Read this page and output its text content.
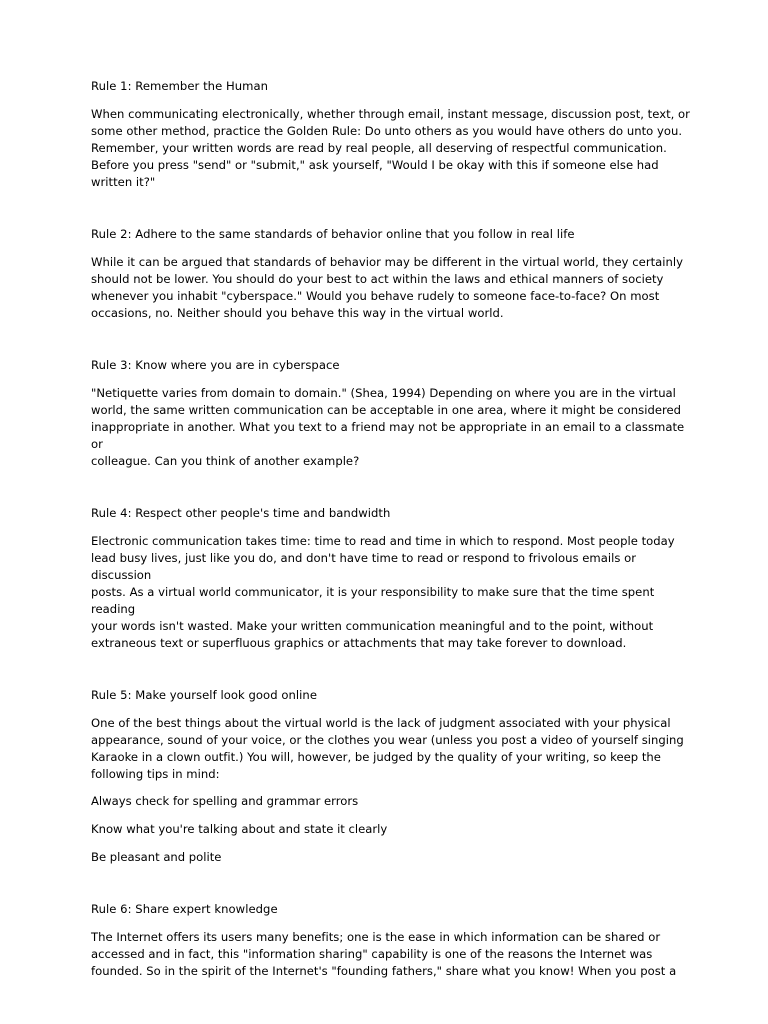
Rule 1: Remember the Human

When communicating electronically, whether through email, instant message, discussion post, text, or

some other method, practice the Golden Rule: Do unto others as you would have others do unto you.

Remember, your written words are read by real people, all deserving of respectful communication.

Before you press "send" or "submit," ask yourself, "Would I be okay with this if someone else had

written it?"

Rule 2: Adhere to the same standards of behavior online that you follow in real life

While it can be argued that standards of behavior may be different in the virtual world, they certainly

should not be lower. You should do your best to act within the laws and ethical manners of society

whenever you inhabit "cyberspace." Would you behave rudely to someone face-to-face? On most

occasions, no. Neither should you behave this way in the virtual world.

Rule 3: Know where you are in cyberspace

"Netiquette varies from domain to domain." (Shea, 1994) Depending on where you are in the virtual

world, the same written communication can be acceptable in one area, where it might be considered

inappropriate in another. What you text to a friend may not be appropriate in an email to a classmate or

colleague. Can you think of another example?

Rule 4: Respect other people's time and bandwidth

Electronic communication takes time: time to read and time in which to respond. Most people today

lead busy lives, just like you do, and don't have time to read or respond to frivolous emails or discussion

posts. As a virtual world communicator, it is your responsibility to make sure that the time spent reading

your words isn't wasted. Make your written communication meaningful and to the point, without

extraneous text or superfluous graphics or attachments that may take forever to download.

Rule 5: Make yourself look good online

One of the best things about the virtual world is the lack of judgment associated with your physical

appearance, sound of your voice, or the clothes you wear (unless you post a video of yourself singing

Karaoke in a clown outfit.) You will, however, be judged by the quality of your writing, so keep the

following tips in mind:

Always check for spelling and grammar errors

Know what you're talking about and state it clearly

Be pleasant and polite

Rule 6: Share expert knowledge

The Internet offers its users many benefits; one is the ease in which information can be shared or

accessed and in fact, this "information sharing" capability is one of the reasons the Internet was

founded. So in the spirit of the Internet's "founding fathers," share what you know! When you post a
